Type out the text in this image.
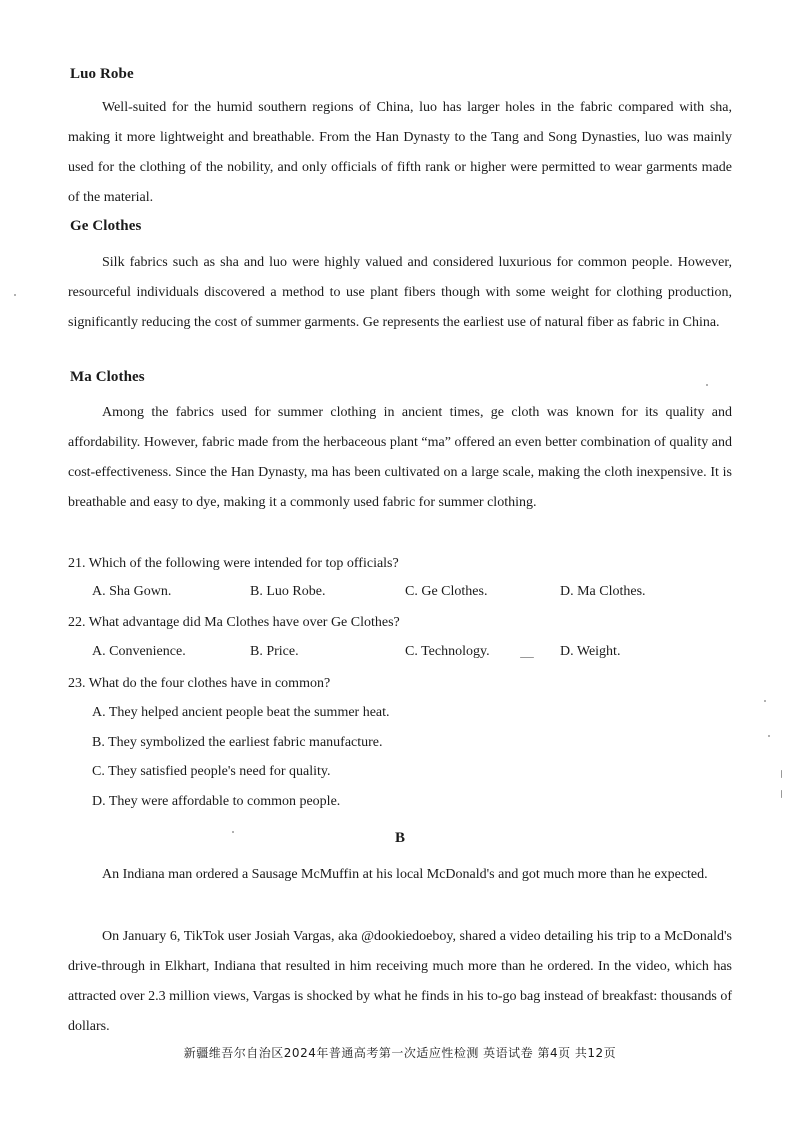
Luo Robe

Well-suited for the humid southern regions of China, luo has larger holes in the fabric compared with sha, making it more lightweight and breathable. From the Han Dynasty to the Tang and Song Dynasties, luo was mainly used for the clothing of the nobility, and only officials of fifth rank or higher were permitted to wear garments made of the material.

Ge Clothes

Silk fabrics such as sha and luo were highly valued and considered luxurious for common people. However, resourceful individuals discovered a method to use plant fibers though with some weight for clothing production, significantly reducing the cost of summer garments. Ge represents the earliest use of natural fiber as fabric in China.

Ma Clothes

Among the fabrics used for summer clothing in ancient times, ge cloth was known for its quality and affordability. However, fabric made from the herbaceous plant “ma” offered an even better combination of quality and cost-effectiveness. Since the Han Dynasty, ma has been cultivated on a large scale, making the cloth inexpensive. It is breathable and easy to dye, making it a commonly used fabric for summer clothing.

21. Which of the following were intended for top officials?
A. Sha Gown.	B. Luo Robe.	C. Ge Clothes.	D. Ma Clothes.
22. What advantage did Ma Clothes have over Ge Clothes?
A. Convenience.	B. Price.	C. Technology.	D. Weight.
23. What do the four clothes have in common?
A. They helped ancient people beat the summer heat.
B. They symbolized the earliest fabric manufacture.
C. They satisfied people's need for quality.
D. They were affordable to common people.
B

An Indiana man ordered a Sausage McMuffin at his local McDonald's and got much more than he expected.

On January 6, TikTok user Josiah Vargas, aka @dookiedoeboy, shared a video detailing his trip to a McDonald's drive-through in Elkhart, Indiana that resulted in him receiving much more than he ordered. In the video, which has attracted over 2.3 million views, Vargas is shocked by what he finds in his to-go bag instead of breakfast: thousands of dollars.

新疆维吾尔自治区2024年普通高考第一次适应性检测 英语试卷 第4页 共12页
